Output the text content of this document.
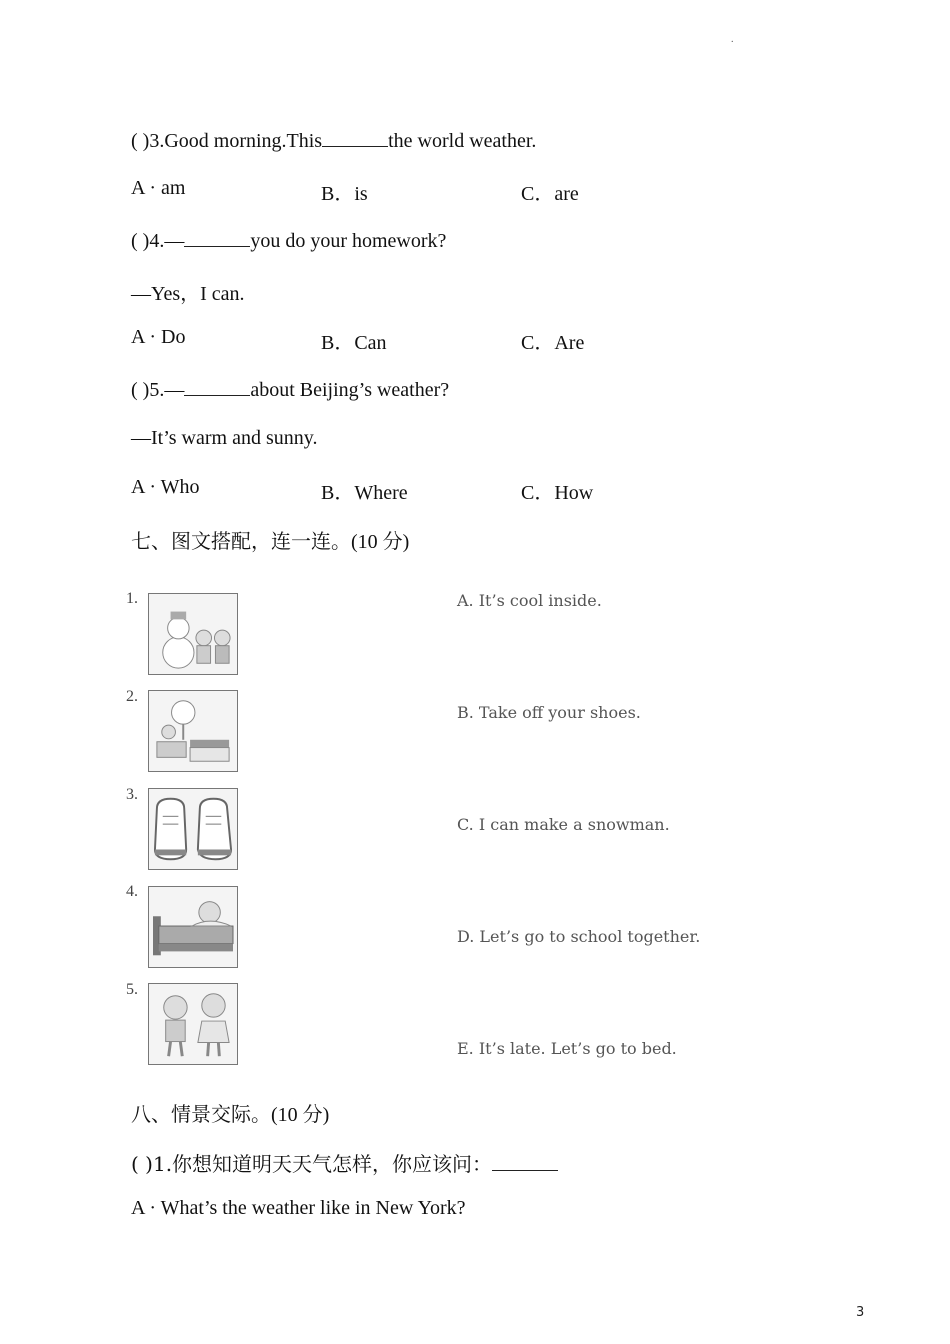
.
( )3.Good morning.This	the world weather.
A · am	B．is	C．are
( )4.—	you do your homework?
—Yes，I can.
A · Do	B．Can	C．Are
( )5.—	about Beijing’s weather?
—It’s warm and sunny.
A · Who	B．Where	C．How
七、图文搭配，连一连。(10 分)
1.
2.
3.
4.
5.
A. It’s cool inside.
B. Take off your shoes.
C. I can make a snowman.
D. Let’s go to school together.
E. It’s late. Let’s go to bed.
八、情景交际。(10 分)
( )1.你想知道明天天气怎样，你应该问：
A · What’s the weather like in New York?
3
